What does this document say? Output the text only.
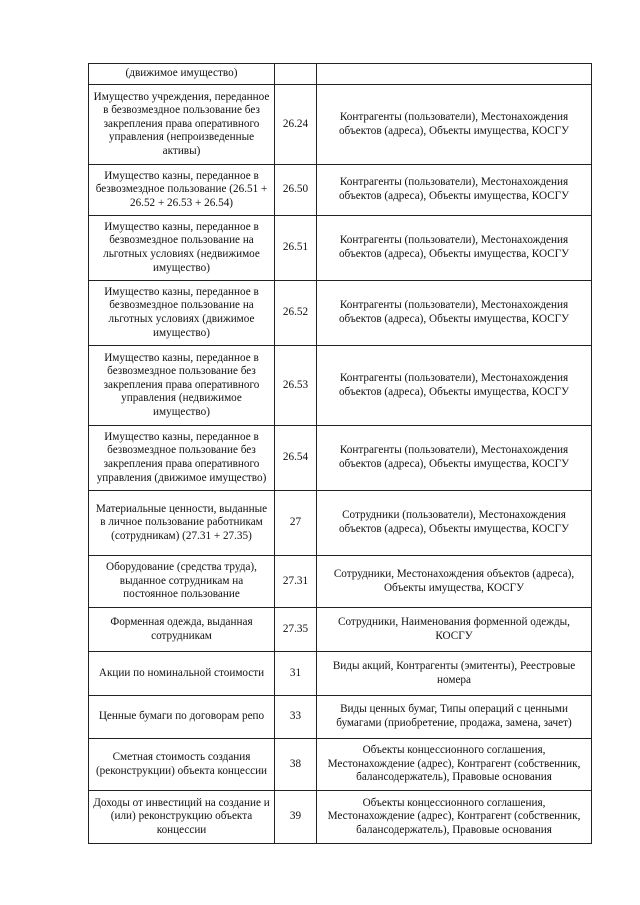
(движимое имущество)		
Имущество учреждения, переданное в безвозмездное пользование без закрепления права оперативного управления (непроизведенные активы)	26.24	Контрагенты (пользователи), Местонахождения объектов (адреса), Объекты имущества, КОСГУ
Имущество казны, переданное в безвозмездное пользование (26.51 + 26.52 + 26.53 + 26.54)	26.50	Контрагенты (пользователи), Местонахождения объектов (адреса), Объекты имущества, КОСГУ
Имущество казны, переданное в безвозмездное пользование на льготных условиях (недвижимое имущество)	26.51	Контрагенты (пользователи), Местонахождения объектов (адреса), Объекты имущества, КОСГУ
Имущество казны, переданное в безвозмездное пользование на льготных условиях (движимое имущество)	26.52	Контрагенты (пользователи), Местонахождения объектов (адреса), Объекты имущества, КОСГУ
Имущество казны, переданное в безвозмездное пользование без закрепления права оперативного управления (недвижимое имущество)	26.53	Контрагенты (пользователи), Местонахождения объектов (адреса), Объекты имущества, КОСГУ
Имущество казны, переданное в безвозмездное пользование без закрепления права оперативного управления (движимое имущество)	26.54	Контрагенты (пользователи), Местонахождения объектов (адреса), Объекты имущества, КОСГУ
Материальные ценности, выданные в личное пользование работникам (сотрудникам) (27.31 + 27.35)	27	Сотрудники (пользователи), Местонахождения объектов (адреса), Объекты имущества, КОСГУ
Оборудование (средства труда), выданное сотрудникам на постоянное пользование	27.31	Сотрудники, Местонахождения объектов (адреса), Объекты имущества, КОСГУ
Форменная одежда, выданная сотрудникам	27.35	Сотрудники, Наименования форменной одежды, КОСГУ
Акции по номинальной стоимости	31	Виды акций, Контрагенты (эмитенты), Реестровые номера
Ценные бумаги по договорам репо	33	Виды ценных бумаг, Типы операций с ценными бумагами (приобретение, продажа, замена, зачет)
Сметная стоимость создания (реконструкции) объекта концессии	38	Объекты концессионного соглашения, Местонахождение (адрес), Контрагент (собственник, балансодержатель), Правовые основания
Доходы от инвестиций на создание и (или) реконструкцию объекта концессии	39	Объекты концессионного соглашения, Местонахождение (адрес), Контрагент (собственник, балансодержатель), Правовые основания
